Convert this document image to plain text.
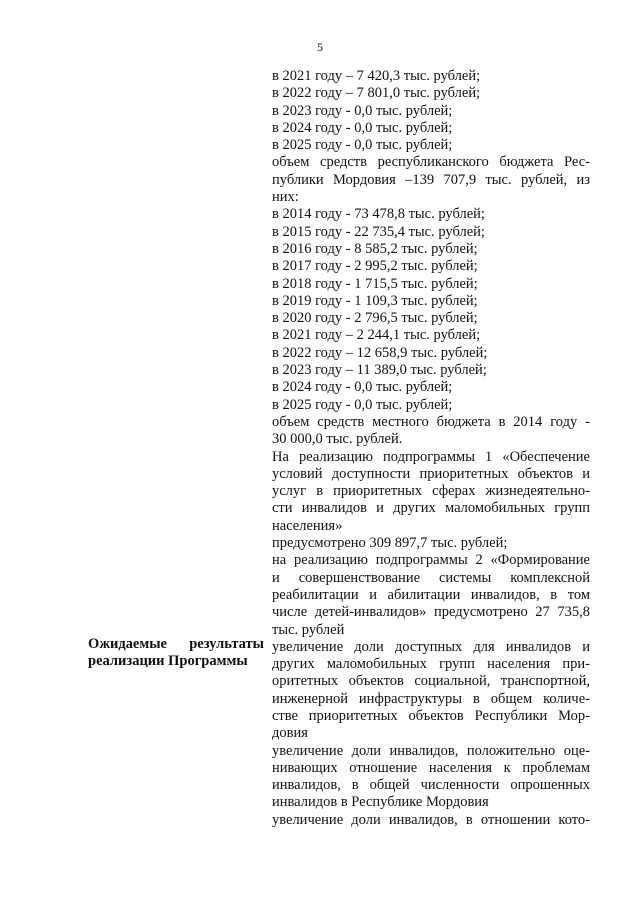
5
Ожидаемые результаты
реализации Программы
в 2021 году – 7 420,3 тыс. рублей;
в 2022 году – 7 801,0 тыс. рублей;
в 2023 году - 0,0 тыс. рублей;
в 2024 году - 0,0 тыс. рублей;
в 2025 году - 0,0 тыс. рублей;
объем средств республиканского бюджета Рес-
публики Мордовия –139 707,9 тыс. рублей, из
них:
в 2014 году - 73 478,8 тыс. рублей;
в 2015 году - 22 735,4 тыс. рублей;
в 2016 году - 8 585,2 тыс. рублей;
в 2017 году - 2 995,2 тыс. рублей;
в 2018 году - 1 715,5 тыс. рублей;
в 2019 году - 1 109,3 тыс. рублей;
в 2020 году - 2 796,5 тыс. рублей;
в 2021 году – 2 244,1 тыс. рублей;
в 2022 году – 12 658,9 тыс. рублей;
в 2023 году – 11 389,0 тыс. рублей;
в 2024 году - 0,0 тыс. рублей;
в 2025 году - 0,0 тыс. рублей;
объем средств местного бюджета в 2014 году -
30 000,0 тыс. рублей.
На реализацию подпрограммы 1 «Обеспечение
условий доступности приоритетных объектов и
услуг в приоритетных сферах жизнедеятельно-
сти инвалидов и других маломобильных групп
населения»
предусмотрено 309 897,7 тыс. рублей;
на реализацию подпрограммы 2 «Формирование
и совершенствование системы комплексной
реабилитации и абилитации инвалидов, в том
числе детей-инвалидов» предусмотрено 27 735,8
тыс. рублей
увеличение доли доступных для инвалидов и
других маломобильных групп населения при-
оритетных объектов социальной, транспортной,
инженерной инфраструктуры в общем количе-
стве приоритетных объектов Республики Мор-
довия
увеличение доли инвалидов, положительно оце-
нивающих отношение населения к проблемам
инвалидов, в общей численности опрошенных
инвалидов в Республике Мордовия
увеличение доли инвалидов, в отношении кото-
